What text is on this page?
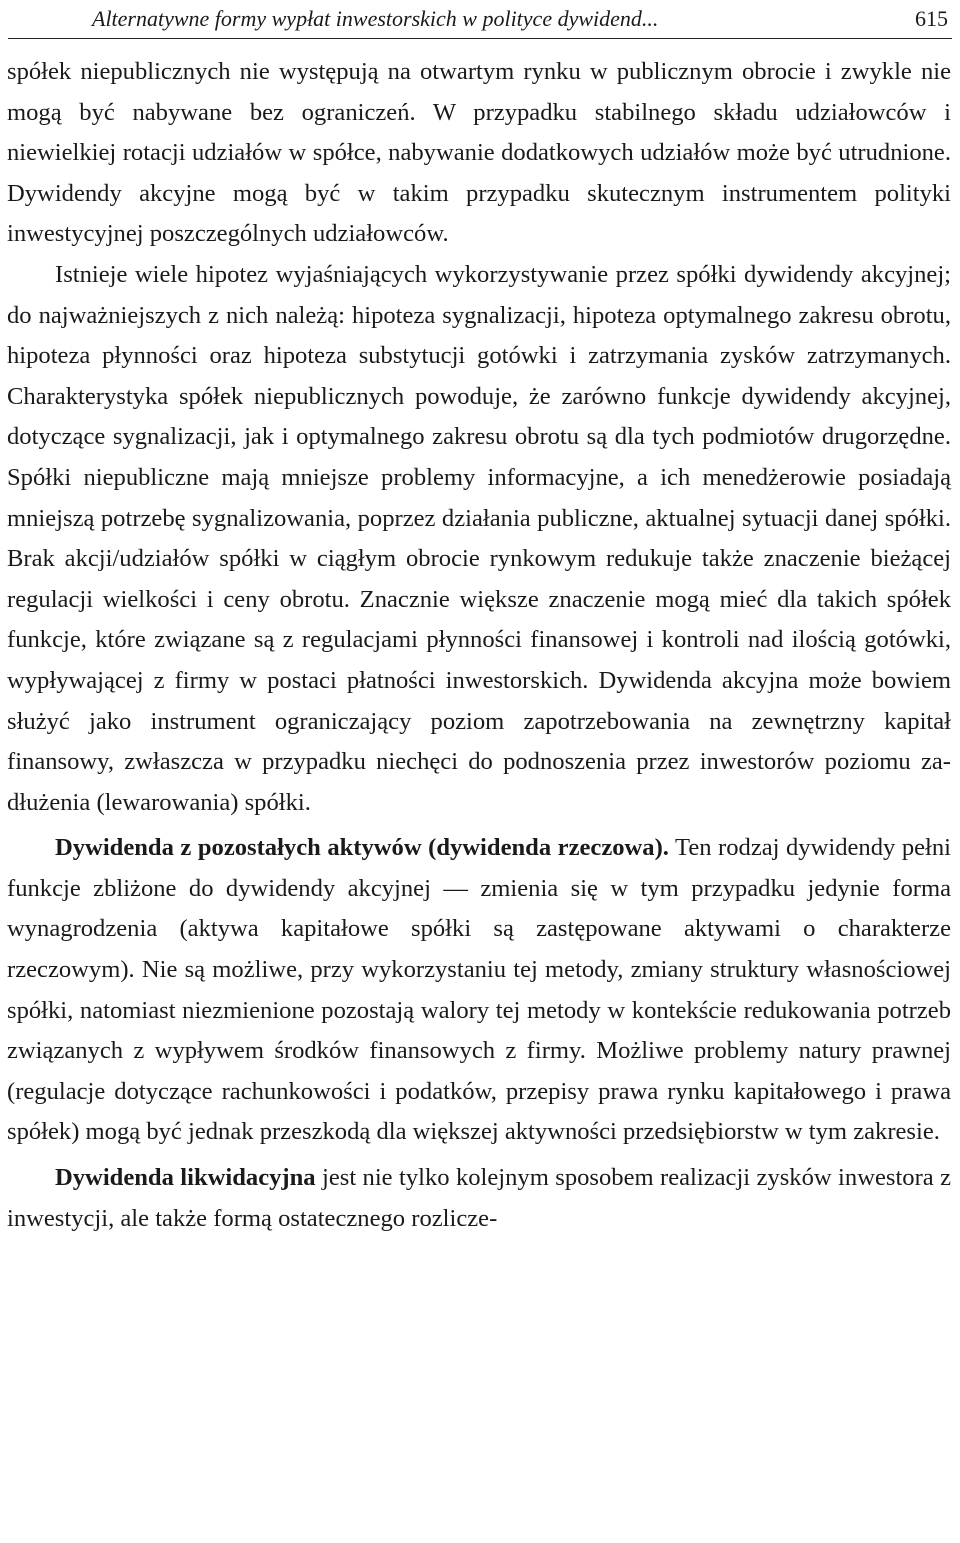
Alternatywne formy wypłat inwestorskich w polityce dywidend...	615

spółek niepublicznych nie występują na otwartym rynku w publicznym obrocie i zwykle nie mogą być nabywane bez ograniczeń. W przypadku stabilnego składu udziałowców i niewielkiej rotacji udziałów w spółce, nabywanie dodatkowych udziałów może być utrudnione. Dywidendy akcyjne mogą być w takim przypadku skutecznym instrumentem polityki inwestycyjnej poszczególnych udziałowców.

Istnieje wiele hipotez wyjaśniających wykorzystywanie przez spółki dywidendy akcyjnej; do najważniejszych z nich należą: hipoteza sygnalizacji, hipoteza optymalnego zakresu obrotu, hipoteza płynności oraz hipoteza substytucji gotówki i zatrzymania zysków zatrzymanych. Charakterystyka spółek niepublicznych powoduje, że zarówno funkcje dywidendy akcyjnej, dotyczące sygnalizacji, jak i optymalnego zakresu obrotu są dla tych podmiotów drugorzędne. Spółki niepubliczne mają mniejsze problemy informacyjne, a ich menedżerowie posiadają mniejszą potrzebę sygnalizowania, poprzez działania publiczne, aktualnej sytuacji danej spółki. Brak akcji/udziałów spółki w ciągłym obrocie rynkowym redukuje także znaczenie bieżącej regulacji wielkości i ceny obrotu. Znacznie większe znaczenie mogą mieć dla takich spółek funkcje, które związane są z regulacjami płynności finansowej i kontroli nad ilością gotówki, wypływającej z firmy w postaci płatności inwestorskich. Dywidenda akcyjna może bowiem służyć jako instrument ograniczający poziom zapotrzebowania na zewnętrzny kapitał finansowy, zwłaszcza w przypadku niechęci do podnoszenia przez inwestorów poziomu zadłużenia (lewarowania) spółki.

Dywidenda z pozostałych aktywów (dywidenda rzeczowa). Ten rodzaj dywidendy pełni funkcje zbliżone do dywidendy akcyjnej — zmienia się w tym przypadku jedynie forma wynagrodzenia (aktywa kapitałowe spółki są zastępowane aktywami o charakterze rzeczowym). Nie są możliwe, przy wykorzystaniu tej metody, zmiany struktury własnościowej spółki, natomiast niezmienione pozostają walory tej metody w kontekście redukowania potrzeb związanych z wypływem środków finansowych z firmy. Możliwe problemy natury prawnej (regulacje dotyczące rachunkowości i podatków, przepisy prawa rynku kapitałowego i prawa spółek) mogą być jednak przeszkodą dla większej aktywności przedsiębiorstw w tym zakresie.

Dywidenda likwidacyjna jest nie tylko kolejnym sposobem realizacji zysków inwestora z inwestycji, ale także formą ostatecznego rozlicze-
